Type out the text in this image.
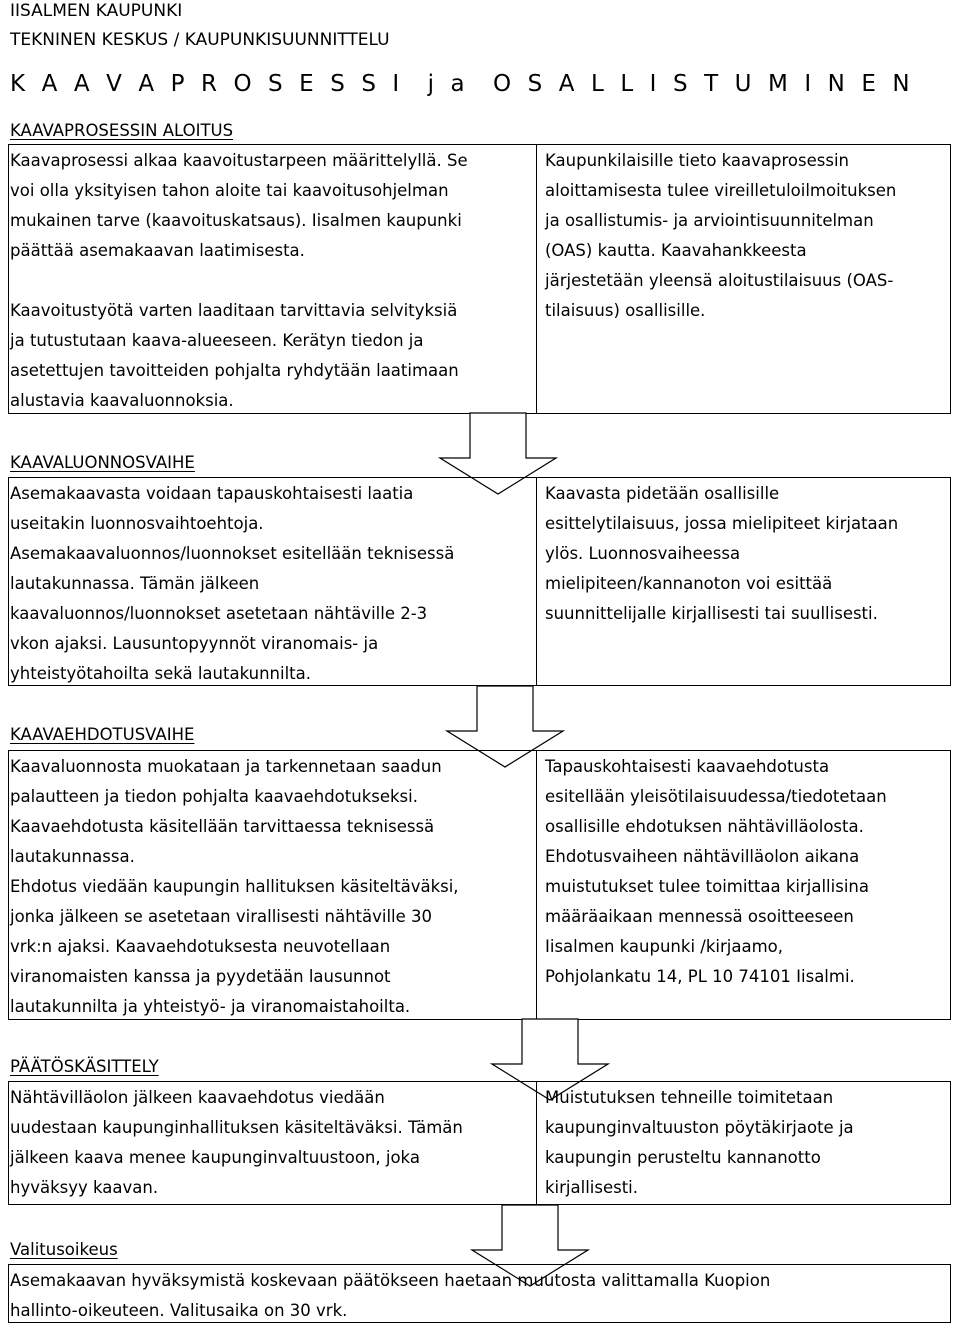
IISALMEN KAUPUNKI
TEKNINEN KESKUS / KAUPUNKISUUNNITTELU
K A A V A P R O S E S S I  j a  O S A L L I S T U M I N E N
KAAVAPROSESSIN ALOITUS
Kaavaprosessi alkaa kaavoitustarpeen määrittelyllä. Se
voi olla yksityisen tahon aloite tai kaavoitusohjelman
mukainen tarve (kaavoituskatsaus). Iisalmen kaupunki
päättää asemakaavan laatimisesta.

Kaavoitustyötä varten laaditaan tarvittavia selvityksiä
ja tutustutaan kaava-alueeseen. Kerätyn tiedon ja
asetettujen tavoitteiden pohjalta ryhdytään laatimaan
alustavia kaavaluonnoksia.
Kaupunkilaisille tieto kaavaprosessin
aloittamisesta tulee vireilletuloilmoituksen
ja osallistumis- ja arviointisuunnitelman
(OAS) kautta. Kaavahankkeesta
järjestetään yleensä aloitustilaisuus (OAS-
tilaisuus) osallisille.
KAAVALUONNOSVAIHE
Asemakaavasta voidaan tapauskohtaisesti laatia
useitakin luonnosvaihtoehtoja.
Asemakaavaluonnos/luonnokset esitellään teknisessä
lautakunnassa. Tämän jälkeen
kaavaluonnos/luonnokset asetetaan nähtäville 2-3
vkon ajaksi. Lausuntopyynnöt viranomais- ja
yhteistyötahoilta sekä lautakunnilta.
Kaavasta pidetään osallisille
esittelytilaisuus, jossa mielipiteet kirjataan
ylös. Luonnosvaiheessa
mielipiteen/kannanoton voi esittää
suunnittelijalle kirjallisesti tai suullisesti.
KAAVAEHDOTUSVAIHE
Kaavaluonnosta muokataan ja tarkennetaan saadun
palautteen ja tiedon pohjalta kaavaehdotukseksi.
Kaavaehdotusta käsitellään tarvittaessa teknisessä
lautakunnassa.
Ehdotus viedään kaupungin hallituksen käsiteltäväksi,
jonka jälkeen se asetetaan virallisesti nähtäville 30
vrk:n ajaksi. Kaavaehdotuksesta neuvotellaan
viranomaisten kanssa ja pyydetään lausunnot
lautakunnilta ja yhteistyö- ja viranomaistahoilta.
Tapauskohtaisesti kaavaehdotusta
esitellään yleisötilaisuudessa/tiedotetaan
osallisille ehdotuksen nähtävilläolosta.
Ehdotusvaiheen nähtävilläolon aikana
muistutukset tulee toimittaa kirjallisina
määräaikaan mennessä osoitteeseen
Iisalmen kaupunki /kirjaamo,
Pohjolankatu 14, PL 10 74101 Iisalmi.
PÄÄTÖSKÄSITTELY
Nähtävilläolon jälkeen kaavaehdotus viedään
uudestaan kaupunginhallituksen käsiteltäväksi. Tämän
jälkeen kaava menee kaupunginvaltuustoon, joka
hyväksyy kaavan.
Muistutuksen tehneille toimitetaan
kaupunginvaltuuston pöytäkirjaote ja
kaupungin perusteltu kannanotto
kirjallisesti.
Valitusoikeus
Asemakaavan hyväksymistä koskevaan päätökseen haetaan muutosta valittamalla Kuopion
hallinto-oikeuteen. Valitusaika on 30 vrk.
